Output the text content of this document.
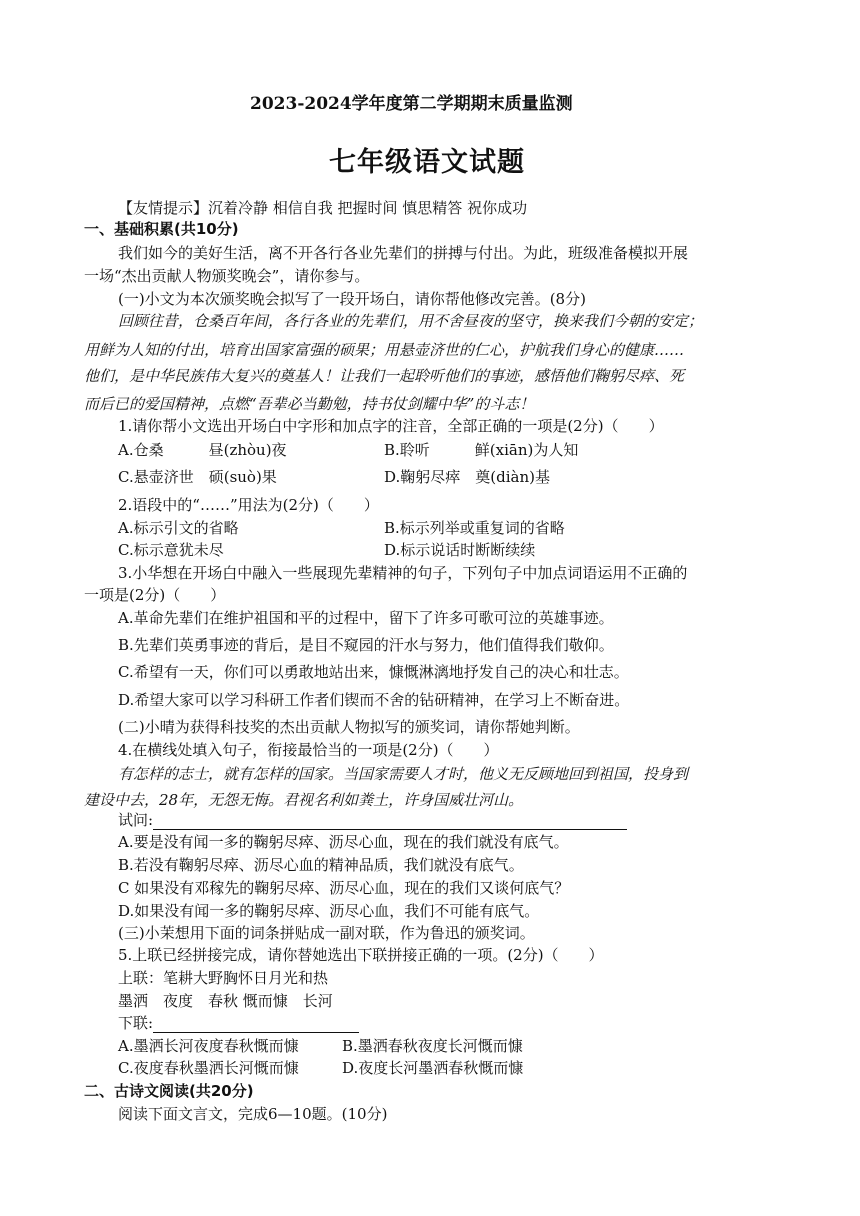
2023-2024学年度第二学期期末质量监测
七年级语文试题
【友情提示】沉着冷静 相信自我 把握时间 慎思精答 祝你成功
一、基础积累(共10分)
我们如今的美好生活，离不开各行各业先辈们的拼搏与付出。为此，班级准备模拟开展
一场“杰出贡献人物颁奖晚会”，请你参与。
(一)小文为本次颁奖晚会拟写了一段开场白，请你帮他修改完善。(8分)
回顾往昔，仓桑百年间，各行各业的先辈们，用不舍昼夜的坚守，换来我们今朝的安定；
用鲜为人知的付出，培育出国家富强的硕果；用悬壶济世的仁心，护航我们身心的健康……
他们，是中华民族伟大复兴的奠基人！让我们一起聆听他们的事迹，感悟他们鞠躬尽瘁、死
而后已的爱国精神，点燃“吾辈必当勤勉，持书仗剑耀中华”的斗志！
1.请你帮小文选出开场白中字形和加点字的注音，全部正确的一项是(2分)（　　）
A.仓桑　　　昼(zhòu)夜	B.聆听　　　鲜(xiān)为人知
C.悬壶济世　硕(suò)果	D.鞠躬尽瘁　奠(diàn)基
2.语段中的“……”用法为(2分)（　　）
A.标示引文的省略	B.标示列举或重复词的省略
C.标示意犹未尽	D.标示说话时断断续续
3.小华想在开场白中融入一些展现先辈精神的句子，下列句子中加点词语运用不正确的
一项是(2分)（　　）
A.革命先辈们在维护祖国和平的过程中，留下了许多可歌可泣的英雄事迹。
B.先辈们英勇事迹的背后，是目不窥园的汗水与努力，他们值得我们敬仰。
C.希望有一天，你们可以勇敢地站出来，慷慨淋漓地抒发自己的决心和壮志。
D.希望大家可以学习科研工作者们锲而不舍的钻研精神，在学习上不断奋进。
(二)小晴为获得科技奖的杰出贡献人物拟写的颁奖词，请你帮她判断。
4.在横线处填入句子，衔接最恰当的一项是(2分)（　　）
有怎样的志士，就有怎样的国家。当国家需要人才时，他义无反顾地回到祖国，投身到
建设中去，28年，无怨无悔。君视名利如粪土，许身国威壮河山。
试问:
A.要是没有闻一多的鞠躬尽瘁、沥尽心血，现在的我们就没有底气。
B.若没有鞠躬尽瘁、沥尽心血的精神品质，我们就没有底气。
C 如果没有邓稼先的鞠躬尽瘁、沥尽心血，现在的我们又谈何底气？
D.如果没有闻一多的鞠躬尽瘁、沥尽心血，我们不可能有底气。
(三)小茉想用下面的词条拼贴成一副对联，作为鲁迅的颁奖词。
5.上联已经拼接完成，请你替她选出下联拼接正确的一项。(2分)（　　）
上联：笔耕大野胸怀日月光和热
墨洒　夜度　春秋 慨而慷　长河
下联:
A.墨洒长河夜度春秋慨而慷	B.墨洒春秋夜度长河慨而慷
C.夜度春秋墨洒长河慨而慷	D.夜度长河墨洒春秋慨而慷
二、古诗文阅读(共20分)
阅读下面文言文，完成6—10题。(10分)
